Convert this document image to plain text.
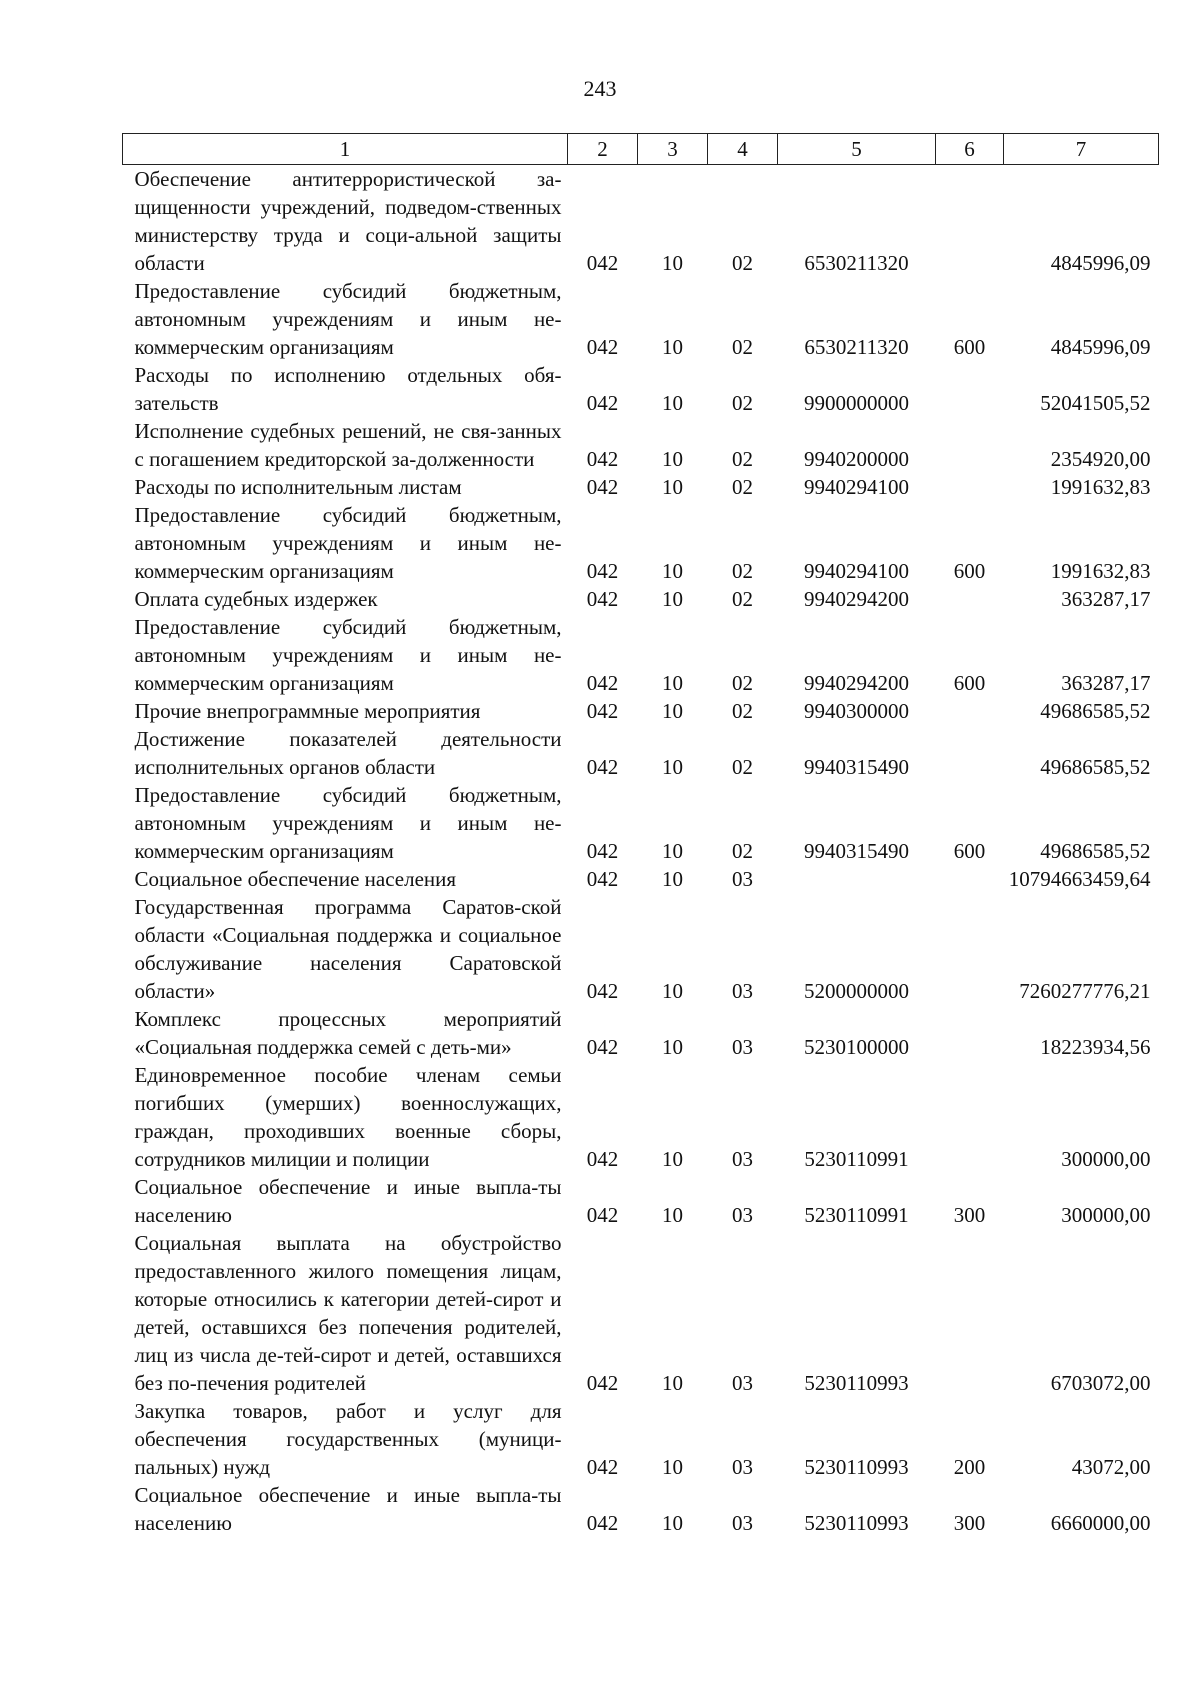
243
1	2	3	4	5	6	7
Обеспечение антитеррористической за-щищенности учреждений, подведом-ственных министерству труда и соци-альной защиты области	042	10	02	6530211320		4845996,09
Предоставление субсидий бюджетным, автономным учреждениям и иным не-коммерческим организациям	042	10	02	6530211320	600	4845996,09
Расходы по исполнению отдельных обя-зательств	042	10	02	9900000000		52041505,52
Исполнение судебных решений, не свя-занных с погашением кредиторской за-долженности	042	10	02	9940200000		2354920,00
Расходы по исполнительным листам	042	10	02	9940294100		1991632,83
Предоставление субсидий бюджетным, автономным учреждениям и иным не-коммерческим организациям	042	10	02	9940294100	600	1991632,83
Оплата судебных издержек	042	10	02	9940294200		363287,17
Предоставление субсидий бюджетным, автономным учреждениям и иным не-коммерческим организациям	042	10	02	9940294200	600	363287,17
Прочие внепрограммные мероприятия	042	10	02	9940300000		49686585,52
Достижение показателей деятельности исполнительных органов области	042	10	02	9940315490		49686585,52
Предоставление субсидий бюджетным, автономным учреждениям и иным не-коммерческим организациям	042	10	02	9940315490	600	49686585,52
Социальное обеспечение населения	042	10	03			10794663459,64
Государственная программа Саратов-ской области «Социальная поддержка и социальное обслуживание населения Саратовской области»	042	10	03	5200000000		7260277776,21
Комплекс процессных мероприятий «Социальная поддержка семей с деть-ми»	042	10	03	5230100000		18223934,56
Единовременное пособие членам семьи погибших (умерших) военнослужащих, граждан, проходивших военные сборы, сотрудников милиции и полиции	042	10	03	5230110991		300000,00
Социальное обеспечение и иные выпла-ты населению	042	10	03	5230110991	300	300000,00
Социальная выплата на обустройство предоставленного жилого помещения лицам, которые относились к категории детей-сирот и детей, оставшихся без попечения родителей, лиц из числа де-тей-сирот и детей, оставшихся без по-печения родителей	042	10	03	5230110993		6703072,00
Закупка товаров, работ и услуг для обеспечения государственных (муници-пальных) нужд	042	10	03	5230110993	200	43072,00
Социальное обеспечение и иные выпла-ты населению	042	10	03	5230110993	300	6660000,00
